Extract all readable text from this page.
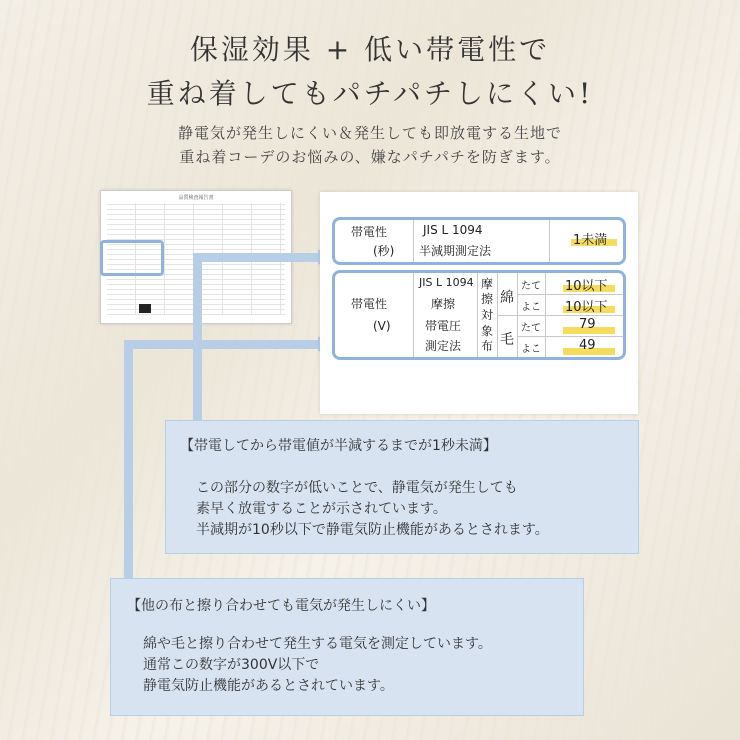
保湿効果 + 低い帯電性で
重ね着してもパチパチしにくい!
静電気が発生しにくい＆発生しても即放電する生地で
重ね着コーデのお悩みの、嫌なパチパチを防ぎます。
品質検査報告書
帯電性
(秒)
JIS L 1094
半減期測定法
1未満
帯電性
(V)
JIS L 1094
摩擦
帯電圧
測定法
摩
擦
対
象
布
綿
毛
たて
よこ
たて
よこ
10以下
10以下
79
49
【帯電してから帯電値が半減するまでが1秒未満】
この部分の数字が低いことで、静電気が発生しても
素早く放電することが示されています。
半減期が10秒以下で静電気防止機能があるとされます。
【他の布と擦り合わせても電気が発生しにくい】
綿や毛と擦り合わせて発生する電気を測定しています。
通常この数字が300V以下で
静電気防止機能があるとされています。
